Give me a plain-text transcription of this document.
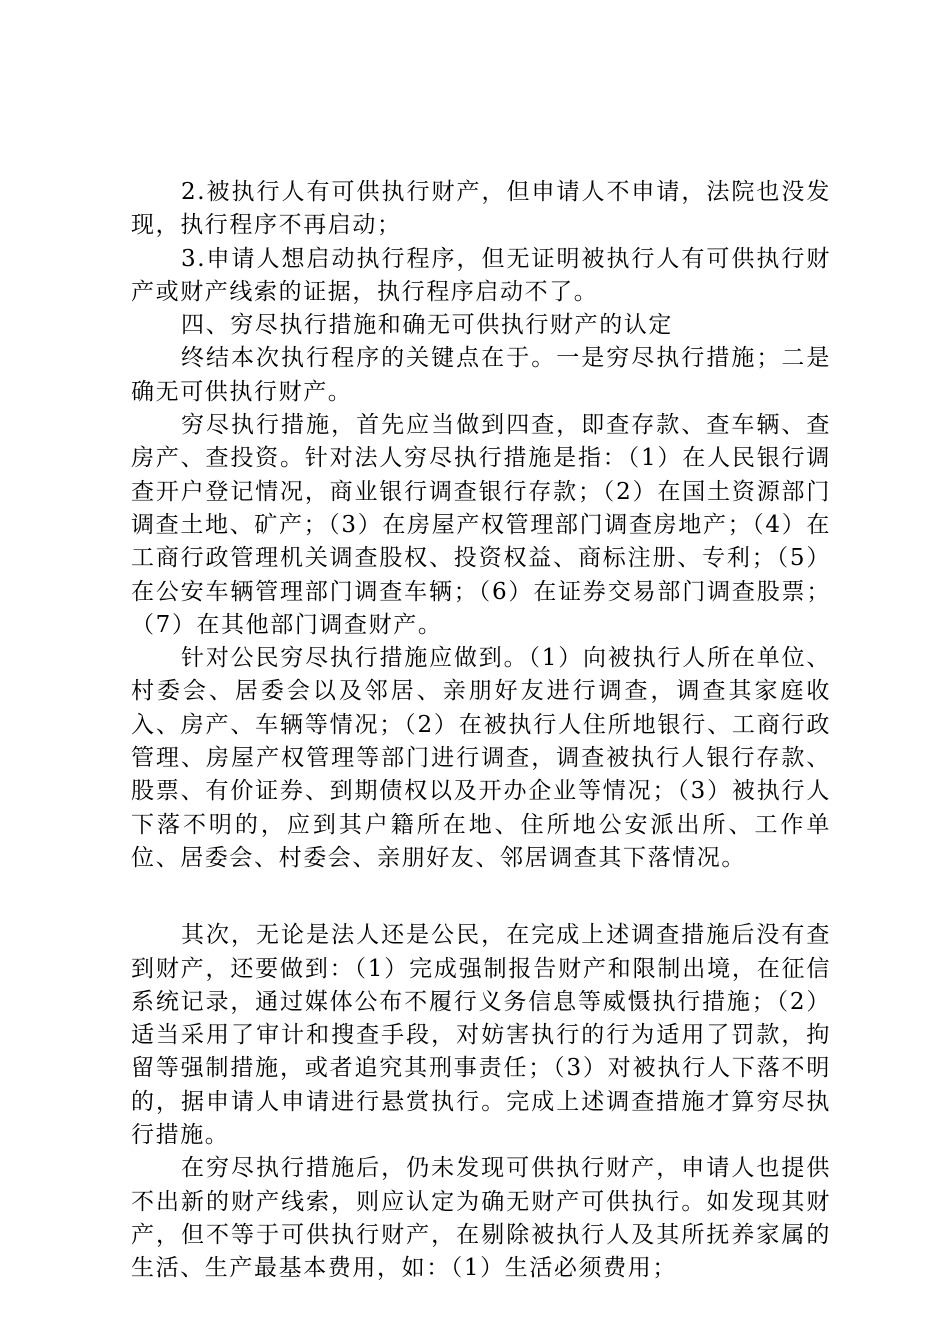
2.被执行人有可供执行财产，但申请人不申请，法院也没发现，执行程序不再启动；

3.申请人想启动执行程序，但无证明被执行人有可供执行财产或财产线索的证据，执行程序启动不了。

四、穷尽执行措施和确无可供执行财产的认定

终结本次执行程序的关键点在于。一是穷尽执行措施；二是确无可供执行财产。

穷尽执行措施，首先应当做到四查，即查存款、查车辆、查房产、查投资。针对法人穷尽执行措施是指：（1）在人民银行调查开户登记情况，商业银行调查银行存款；（2）在国土资源部门调查土地、矿产；（3）在房屋产权管理部门调查房地产；（4）在工商行政管理机关调查股权、投资权益、商标注册、专利；（5）在公安车辆管理部门调查车辆；（6）在证券交易部门调查股票；（7）在其他部门调查财产。

针对公民穷尽执行措施应做到。（1）向被执行人所在单位、村委会、居委会以及邻居、亲朋好友进行调查，调查其家庭收入、房产、车辆等情况；（2）在被执行人住所地银行、工商行政管理、房屋产权管理等部门进行调查，调查被执行人银行存款、股票、有价证券、到期债权以及开办企业等情况；（3）被执行人下落不明的，应到其户籍所在地、住所地公安派出所、工作单位、居委会、村委会、亲朋好友、邻居调查其下落情况。

其次，无论是法人还是公民，在完成上述调查措施后没有查到财产，还要做到：（1）完成强制报告财产和限制出境，在征信系统记录，通过媒体公布不履行义务信息等威慑执行措施；（2）适当采用了审计和搜查手段，对妨害执行的行为适用了罚款，拘留等强制措施，或者追究其刑事责任；（3）对被执行人下落不明的，据申请人申请进行悬赏执行。完成上述调查措施才算穷尽执行措施。

在穷尽执行措施后，仍未发现可供执行财产，申请人也提供不出新的财产线索，则应认定为确无财产可供执行。如发现其财产，但不等于可供执行财产，在剔除被执行人及其所抚养家属的生活、生产最基本费用，如：（1）生活必须费用；
